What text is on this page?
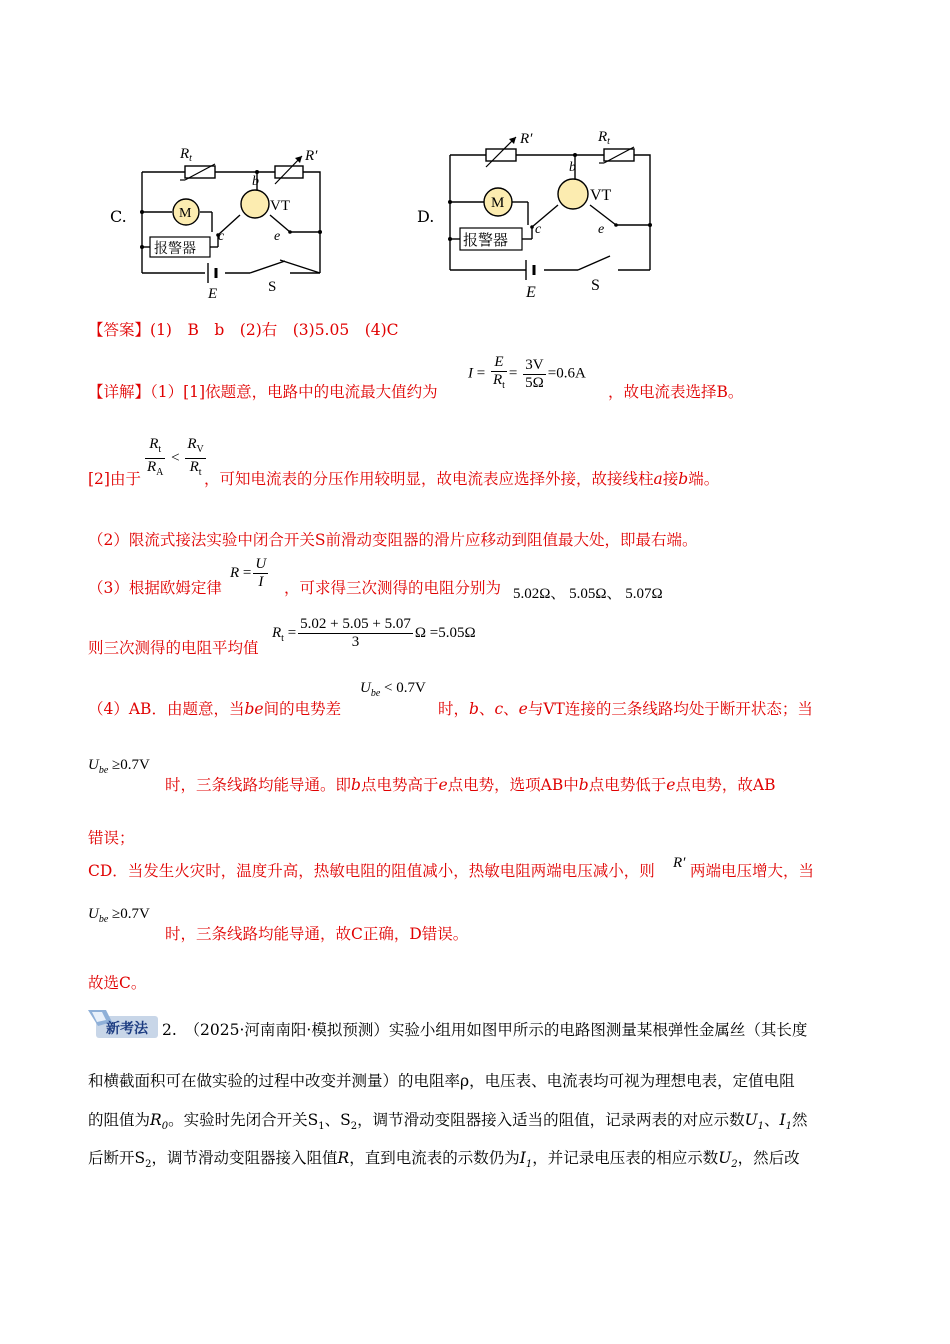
C.
$R_t$	R′
M	VT
b
c	e
报警器
E	S
D.
R′	$R_t$
M	VT
b
c	e
报警器
E	S
【答案】(1)　B　b　(2)右　(3)5.05　(4)C
【详解】（1）[1]依题意，电路中的电流最大值约为
$I = \frac{E}{R_t} = \frac{3V}{5\Omega} =0.6A$
，故电流表选择B。
$\frac{R_t}{R_A} < \frac{R_V}{R_t}$
[2]由于	，可知电流表的分压作用较明显，故电流表应选择外接，故接线柱a接b端。
（2）限流式接法实验中闭合开关S前滑动变阻器的滑片应移动到阻值最大处，即最右端。
（3）根据欧姆定律
$R = \frac{U}{I}$ ，可求得三次测得的电阻分别为 5.02Ω、 5.05Ω、 5.07Ω
则三次测得的电阻平均值
$R_t = \frac{5.02 + 5.05 + 5.07}{3}$ Ω =5.05Ω
（4）AB．由题意，当be间的电势差
$U_{be} < 0.7V$
时，b、c、e与VT连接的三条线路均处于断开状态；当
$U_{be} \ge 0.7V$
时，三条线路均能导通。即b点电势高于e点电势，选项AB中b点电势低于e点电势，故AB
错误；
CD．当发生火灾时，温度升高，热敏电阻的阻值减小，热敏电阻两端电压减小，则 R′ 两端电压增大，当
$U_{be} \ge 0.7V$
时，三条线路均能导通，故C正确，D错误。
故选C。
新考法 2.　（2025·河南南阳·模拟预测）实验小组用如图甲所示的电路图测量某根弹性金属丝（其长度
和横截面积可在做实验的过程中改变并测量）的电阻率ρ，电压表、电流表均可视为理想电表，定值电阻
的阻值为$R_0$。实验时先闭合开关$S_1$、$S_2$，调节滑动变阻器接入适当的阻值，记录两表的对应示数$U_1$、$I_1$然
后断开$S_2$，调节滑动变阻器接入阻值R，直到电流表的示数仍为$I_1$，并记录电压表的相应示数$U_2$，然后改
